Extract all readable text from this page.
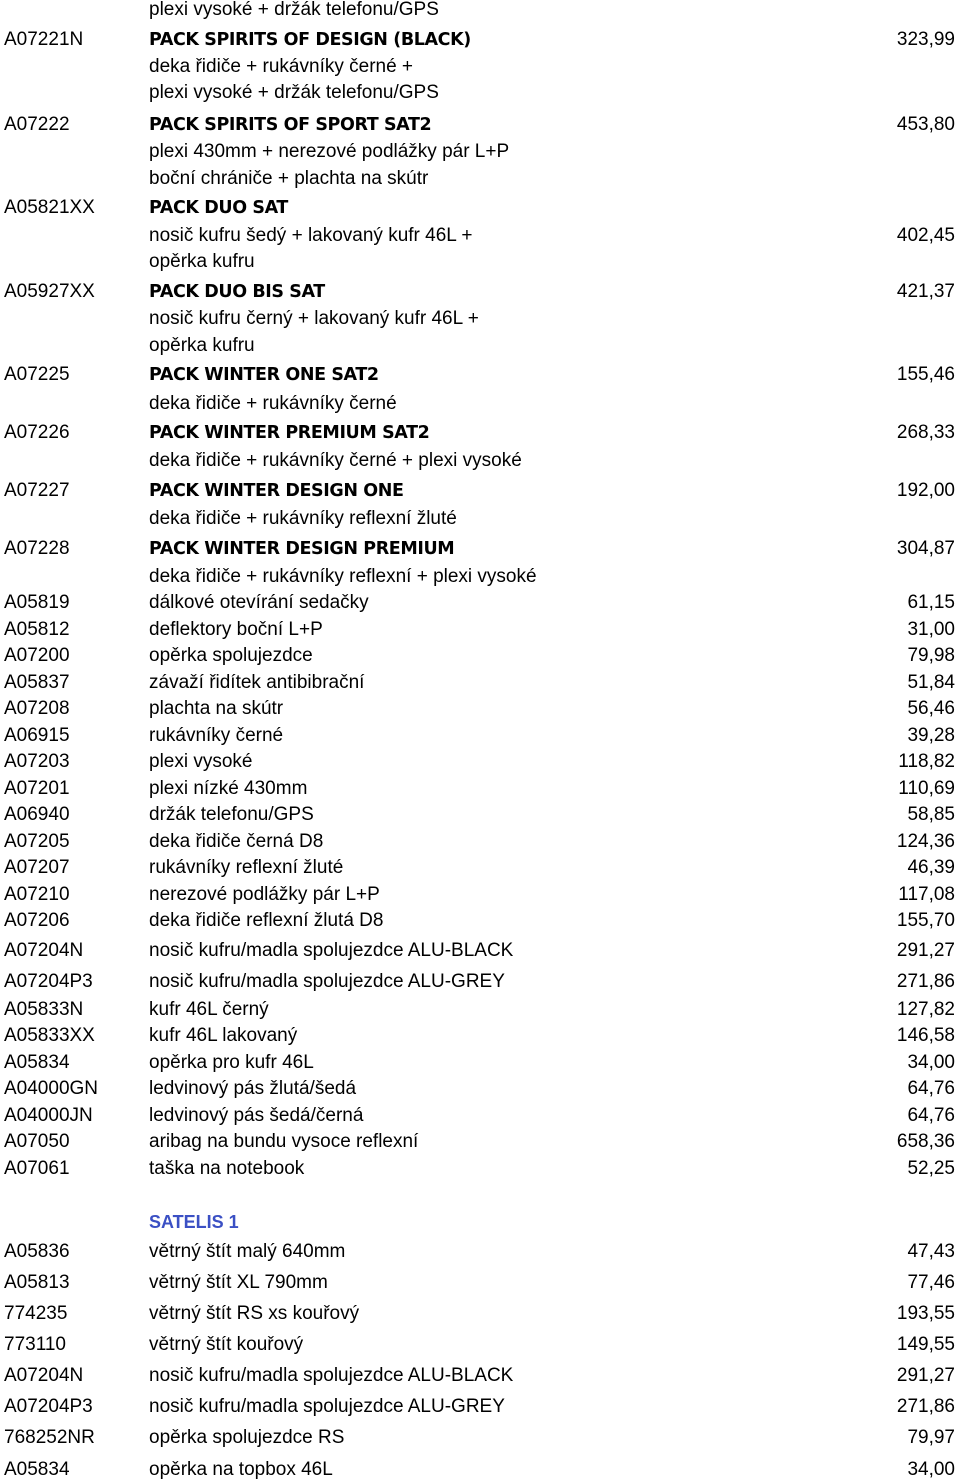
plexi vysoké + držák telefonu/GPS
A07221N	PACK SPIRITS OF DESIGN (BLACK)	323,99
deka řidiče + rukávníky černé +
plexi vysoké + držák telefonu/GPS
A07222	PACK SPIRITS OF SPORT SAT2	453,80
plexi 430mm + nerezové podlážky pár L+P
boční chrániče + plachta na skútr
A05821XX	PACK DUO SAT
nosič kufru šedý + lakovaný kufr 46L +	402,45
opěrka kufru
A05927XX	PACK DUO BIS SAT	421,37
nosič kufru černý + lakovaný kufr 46L +
opěrka kufru
A07225	PACK WINTER ONE SAT2	155,46
deka řidiče + rukávníky černé
A07226	PACK WINTER PREMIUM SAT2	268,33
deka řidiče + rukávníky černé + plexi vysoké
A07227	PACK WINTER DESIGN ONE	192,00
deka řidiče + rukávníky reflexní žluté
A07228	PACK WINTER DESIGN PREMIUM	304,87
deka řidiče + rukávníky reflexní + plexi vysoké
A05819	dálkové otevírání sedačky	61,15
A05812	deflektory boční L+P	31,00
A07200	opěrka spolujezdce	79,98
A05837	závaží řidítek antibibrační	51,84
A07208	plachta na skútr	56,46
A06915	rukávníky černé	39,28
A07203	plexi vysoké	118,82
A07201	plexi nízké 430mm	110,69
A06940	držák telefonu/GPS	58,85
A07205	deka řidiče černá D8	124,36
A07207	rukávníky reflexní žluté	46,39
A07210	nerezové podlážky pár L+P	117,08
A07206	deka řidiče reflexní žlutá D8	155,70
A07204N	nosič kufru/madla spolujezdce ALU-BLACK	291,27
A07204P3	nosič kufru/madla spolujezdce ALU-GREY	271,86
A05833N	kufr 46L černý	127,82
A05833XX	kufr 46L lakovaný	146,58
A05834	opěrka pro kufr 46L	34,00
A04000GN	ledvinový pás žlutá/šedá	64,76
A04000JN	ledvinový pás šedá/černá	64,76
A07050	aribag na bundu vysoce reflexní	658,36
A07061	taška na notebook	52,25
SATELIS 1
A05836	větrný štít malý 640mm	47,43
A05813	větrný štít XL 790mm	77,46
774235	větrný štít RS xs kouřový	193,55
773110	větrný štít kouřový	149,55
A07204N	nosič kufru/madla spolujezdce ALU-BLACK	291,27
A07204P3	nosič kufru/madla spolujezdce ALU-GREY	271,86
768252NR	opěrka spolujezdce RS	79,97
A05834	opěrka na topbox 46L	34,00
